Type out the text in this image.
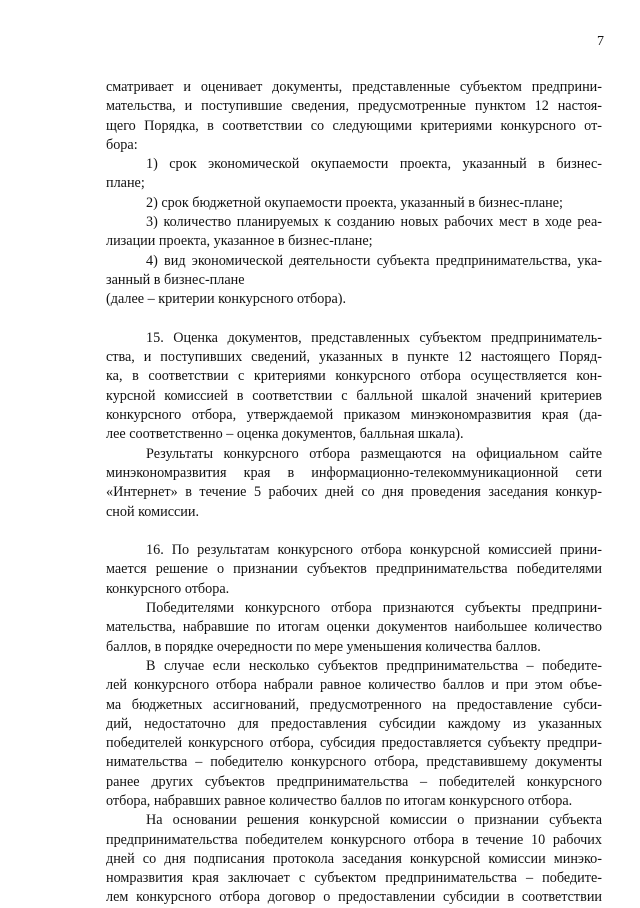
7
сматривает и оценивает документы, представленные субъектом предприни-
мательства, и поступившие сведения, предусмотренные пунктом 12 настоя-
щего Порядка, в соответствии со следующими критериями конкурсного от-
бора:
1) срок экономической окупаемости проекта, указанный в бизнес-
плане;
2) срок бюджетной окупаемости проекта, указанный в бизнес-плане;
3) количество планируемых к созданию новых рабочих мест в ходе реа-
лизации проекта, указанное в бизнес-плане;
4) вид экономической деятельности субъекта предпринимательства, ука-
занный в бизнес-плане
(далее – критерии конкурсного отбора).
15. Оценка документов, представленных субъектом предприниматель-
ства, и поступивших сведений, указанных в пункте 12 настоящего Поряд-
ка, в соответствии с критериями конкурсного отбора осуществляется кон-
курсной комиссией в соответствии с балльной шкалой значений критериев
конкурсного отбора, утверждаемой приказом минэкономразвития края (да-
лее соответственно – оценка документов, балльная шкала).
Результаты конкурсного отбора размещаются на официальном сайте
минэкономразвития края в информационно-телекоммуникационной сети
«Интернет» в течение 5 рабочих дней со дня проведения заседания конкур-
сной комиссии.
16. По результатам конкурсного отбора конкурсной комиссией прини-
мается решение о признании субъектов предпринимательства победителями
конкурсного отбора.
Победителями конкурсного отбора признаются субъекты предприни-
мательства, набравшие по итогам оценки документов наибольшее количество
баллов, в порядке очередности по мере уменьшения количества баллов.
В случае если несколько субъектов предпринимательства – победите-
лей конкурсного отбора набрали равное количество баллов и при этом объе-
ма бюджетных ассигнований, предусмотренного на предоставление субси-
дий, недостаточно для предоставления субсидии каждому из указанных
победителей конкурсного отбора, субсидия предоставляется субъекту предпри-
нимательства – победителю конкурсного отбора, представившему документы
ранее других субъектов предпринимательства – победителей конкурсного
отбора, набравших равное количество баллов по итогам конкурсного отбора.
На основании решения конкурсной комиссии о признании субъекта
предпринимательства победителем конкурсного отбора в течение 10 рабочих
дней со дня подписания протокола заседания конкурсной комиссии минэко-
номразвития края заключает с субъектом предпринимательства – победите-
лем конкурсного отбора договор о предоставлении субсидии в соответствии
